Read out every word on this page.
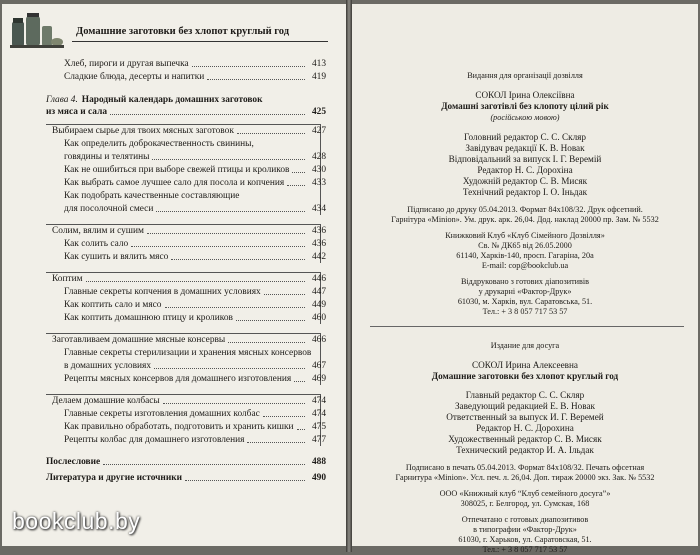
Домашние заготовки без хлопот круглый год
Хлеб, пироги и другая выпечка	413
Сладкие блюда, десерты и напитки	419
Глава 4. Народный календарь домашних заготовок
из мяса и сала	425
Выбираем сырье для твоих мясных заготовок	427
Как определить доброкачественность свинины,
говядины и телятины	428
Как не ошибиться при выборе свежей птицы и кроликов	430
Как выбрать самое лучшее сало для посола и копчения	433
Как подобрать качественные составляющие
для посолочной смеси	434
Солим, вялим и сушим	436
Как солить сало	436
Как сушить и вялить мясо	442
Коптим	446
Главные секреты копчения в домашних условиях	447
Как коптить сало и мясо	449
Как коптить домашнюю птицу и кроликов	460
Заготавливаем домашние мясные консервы	466
Главные секреты стерилизации и хранения мясных консервов
в домашних условиях	467
Рецепты мясных консервов для домашнего изготовления	469
Делаем домашние колбасы	474
Главные секреты изготовления домашних колбас	474
Как правильно обработать, подготовить и хранить кишки	475
Рецепты колбас для домашнего изготовления	477
Послесловие	488
Литература и другие источники	490
Видання для організації дозвілля
СОКОЛ Ірина Олексіївна
Домашні заготівлі без клопоту цілий рік
(російською мовою)
Головний редактор С. С. Скляр
Завідувач редакції К. В. Новак
Відповідальний за випуск І. Г. Веремій
Редактор Н. С. Дорохіна
Художній редактор С. В. Мисяк
Технічний редактор І. О. Іньдак
Підписано до друку 05.04.2013. Формат 84х108/32. Друк офсетний.
Гарнітура «Minion». Ум. друк. арк. 26,04. Дод. наклад 20000 пр. Зам. № 5532
Книжковий Клуб «Клуб Сімейного Дозвілля»
Св. № ДК65 від 26.05.2000
61140, Харків-140, просп. Гагаріна, 20а
E-mail: cop@bookclub.ua
Віддруковано з готових діапозитивів
у друкарні «Фактор-Друк»
61030, м. Харків, вул. Саратовська, 51.
Тел.: + 3 8 057 717 53 57
Издание для досуга
СОКОЛ Ирина Алексеевна
Домашние заготовки без хлопот круглый год
Главный редактор С. С. Скляр
Заведующий редакцией Е. В. Новак
Ответственный за выпуск И. Г. Веремей
Редактор Н. С. Дорохина
Художественный редактор С. В. Мисяк
Технический редактор И. А. Ільдак
Подписано в печать 05.04.2013. Формат 84х108/32. Печать офсетная
Гарнитура «Minion». Усл. печ. л. 26,04. Доп. тираж 20000 экз. Зак. № 5532
ООО «Книжный клуб “Клуб семейного досуга”»
308025, г. Белгород, ул. Сумская, 168
Отпечатано с готовых диапозитивов
в типографии «Фактор-Друк»
61030, г. Харьков, ул. Саратовская, 51.
Тел.: + 3 8 057 717 53 57
bookclub.by
